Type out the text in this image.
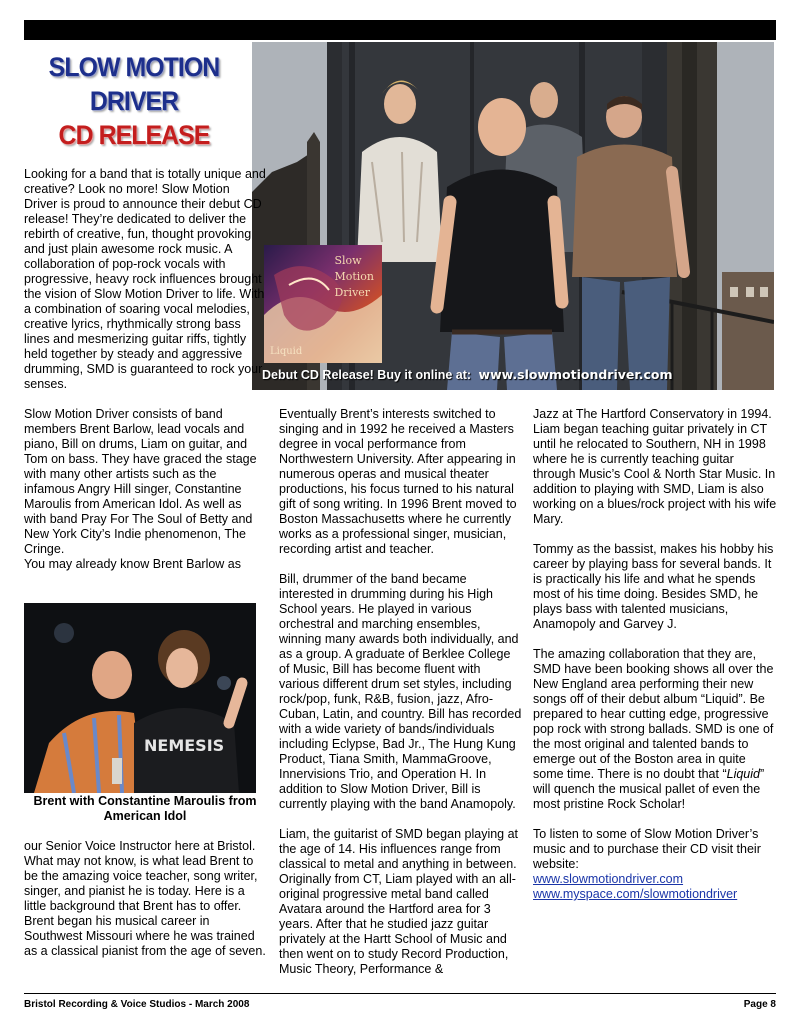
SLOW MOTION
DRIVER
CD RELEASE
Slow
Motion
Driver
Liquid
Debut CD Release! Buy it online at: www.slowmotiondriver.com

Looking for a band that is totally unique and creative? Look no more! Slow Motion Driver is proud to announce their debut CD release! They’re dedicated to deliver the rebirth of creative, fun, thought provoking and just plain awesome rock music. A collaboration of pop-rock vocals with progressive, heavy rock influences brought the vision of Slow Motion Driver to life. With a combination of soaring vocal melodies, creative lyrics, rhythmically strong bass lines and mesmerizing guitar riffs, tightly held together by steady and aggressive drumming, SMD is guaranteed to rock your senses.

Slow Motion Driver consists of band members Brent Barlow, lead vocals and piano, Bill on drums, Liam on guitar, and Tom on bass. They have graced the stage with many other artists such as the infamous Angry Hill singer, Constantine Maroulis from American Idol. As well as with band Pray For The Soul of Betty and New York City’s Indie phenomenon, The Cringe.

You may already know Brent Barlow as

NEMESIS
Brent with Constantine Maroulis from American Idol

our Senior Voice Instructor here at Bristol. What may not know, is what lead Brent to be the amazing voice teacher, song writer, singer, and pianist he is today. Here is a little background that Brent has to offer.

Brent began his musical career in Southwest Missouri where he was trained as a classical pianist from the age of seven.

Eventually Brent’s interests switched to singing and in 1992 he received a Masters degree in vocal performance from Northwestern University. After appearing in numerous operas and musical theater productions, his focus turned to his natural gift of song writing. In 1996 Brent moved to Boston Massachusetts where he currently works as a professional singer, musician, recording artist and teacher.

Bill, drummer of the band became interested in drumming during his High School years. He played in various orchestral and marching ensembles, winning many awards both individually, and as a group. A graduate of Berklee College of Music, Bill has become fluent with various different drum set styles, including rock/pop, funk, R&B, fusion, jazz, Afro-Cuban, Latin, and country. Bill has recorded with a wide variety of bands/individuals including Eclypse, Bad Jr., The Hung Kung Product, Tiana Smith, MammaGroove, Innervisions Trio, and Operation H. In addition to Slow Motion Driver, Bill is currently playing with the band Anamopoly.

Liam, the guitarist of SMD began playing at the age of 14. His influences range from classical to metal and anything in between. Originally from CT, Liam played with an all-original progressive metal band called Avatara around the Hartford area for 3 years. After that he studied jazz guitar privately at the Hartt School of Music and then went on to study Record Production, Music Theory, Performance &

Jazz at The Hartford Conservatory in 1994. Liam began teaching guitar privately in CT until he relocated to Southern, NH in 1998 where he is currently teaching guitar through Music’s Cool & North Star Music. In addition to playing with SMD, Liam is also working on a blues/rock project with his wife Mary.

Tommy as the bassist, makes his hobby his career by playing bass for several bands. It is practically his life and what he spends most of his time doing. Besides SMD, he plays bass with talented musicians, Anamopoly and Garvey J.

The amazing collaboration that they are, SMD have been booking shows all over the New England area performing their new songs off of their debut album “Liquid”. Be prepared to hear cutting edge, progressive pop rock with strong ballads. SMD is one of the most original and talented bands to emerge out of the Boston area in quite some time. There is no doubt that “Liquid” will quench the musical pallet of even the most pristine Rock Scholar!

To listen to some of Slow Motion Driver’s music and to purchase their CD visit their website:

www.slowmotiondriver.com
www.myspace.com/slowmotiondriver
Bristol Recording & Voice Studios - March 2008	Page 8
